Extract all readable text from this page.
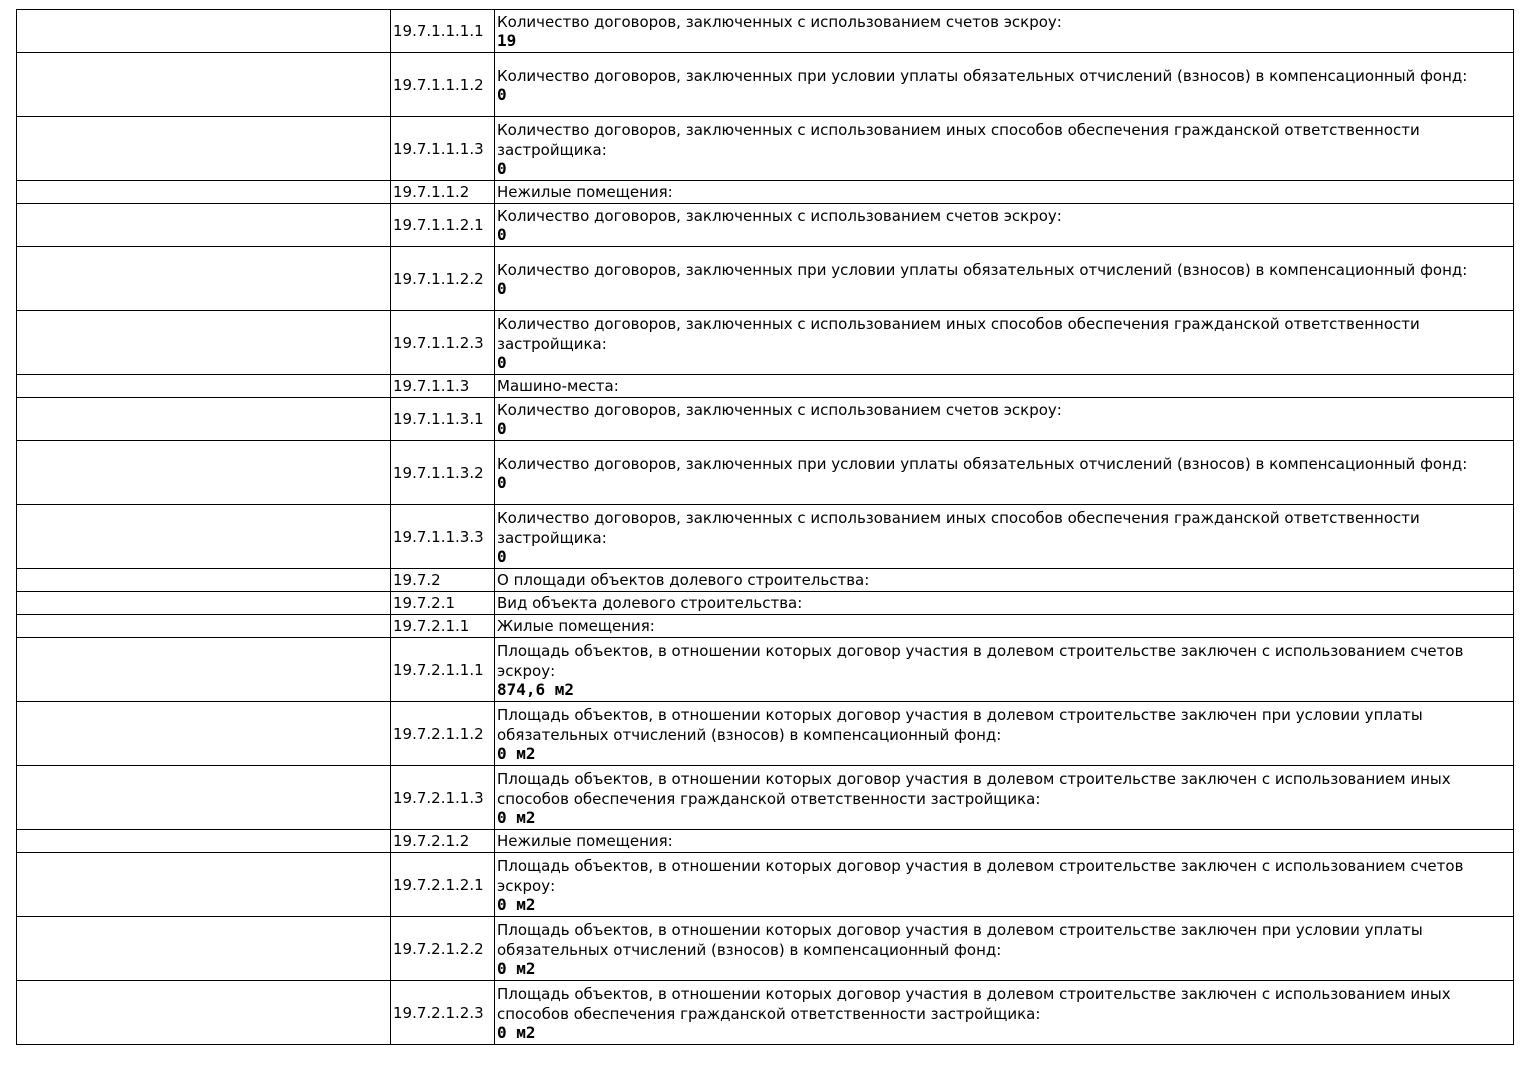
	19.7.1.1.1.1	Количество договоров, заключенных с использованием счетов эскроу:
19

	19.7.1.1.1.2	Количество договоров, заключенных при условии уплаты обязательных отчислений (взносов) в компенсационный фонд:
0

	19.7.1.1.1.3	Количество договоров, заключенных с использованием иных способов обеспечения гражданской ответственности застройщика:
0

	19.7.1.1.2	Нежилые помещения:

	19.7.1.1.2.1	Количество договоров, заключенных с использованием счетов эскроу:
0

	19.7.1.1.2.2	Количество договоров, заключенных при условии уплаты обязательных отчислений (взносов) в компенсационный фонд:
0

	19.7.1.1.2.3	Количество договоров, заключенных с использованием иных способов обеспечения гражданской ответственности застройщика:
0

	19.7.1.1.3	Машино-места:

	19.7.1.1.3.1	Количество договоров, заключенных с использованием счетов эскроу:
0

	19.7.1.1.3.2	Количество договоров, заключенных при условии уплаты обязательных отчислений (взносов) в компенсационный фонд:
0

	19.7.1.1.3.3	Количество договоров, заключенных с использованием иных способов обеспечения гражданской ответственности застройщика:
0

	19.7.2	О площади объектов долевого строительства:

	19.7.2.1	Вид объекта долевого строительства:

	19.7.2.1.1	Жилые помещения:

	19.7.2.1.1.1	Площадь объектов, в отношении которых договор участия в долевом строительстве заключен с использованием счетов эскроу:
874,6 м2

	19.7.2.1.1.2	Площадь объектов, в отношении которых договор участия в долевом строительстве заключен при условии уплаты обязательных отчислений (взносов) в компенсационный фонд:
0 м2

	19.7.2.1.1.3	Площадь объектов, в отношении которых договор участия в долевом строительстве заключен с использованием иных способов обеспечения гражданской ответственности застройщика:
0 м2

	19.7.2.1.2	Нежилые помещения:

	19.7.2.1.2.1	Площадь объектов, в отношении которых договор участия в долевом строительстве заключен с использованием счетов эскроу:
0 м2

	19.7.2.1.2.2	Площадь объектов, в отношении которых договор участия в долевом строительстве заключен при условии уплаты обязательных отчислений (взносов) в компенсационный фонд:
0 м2

	19.7.2.1.2.3	Площадь объектов, в отношении которых договор участия в долевом строительстве заключен с использованием иных способов обеспечения гражданской ответственности застройщика:
0 м2
